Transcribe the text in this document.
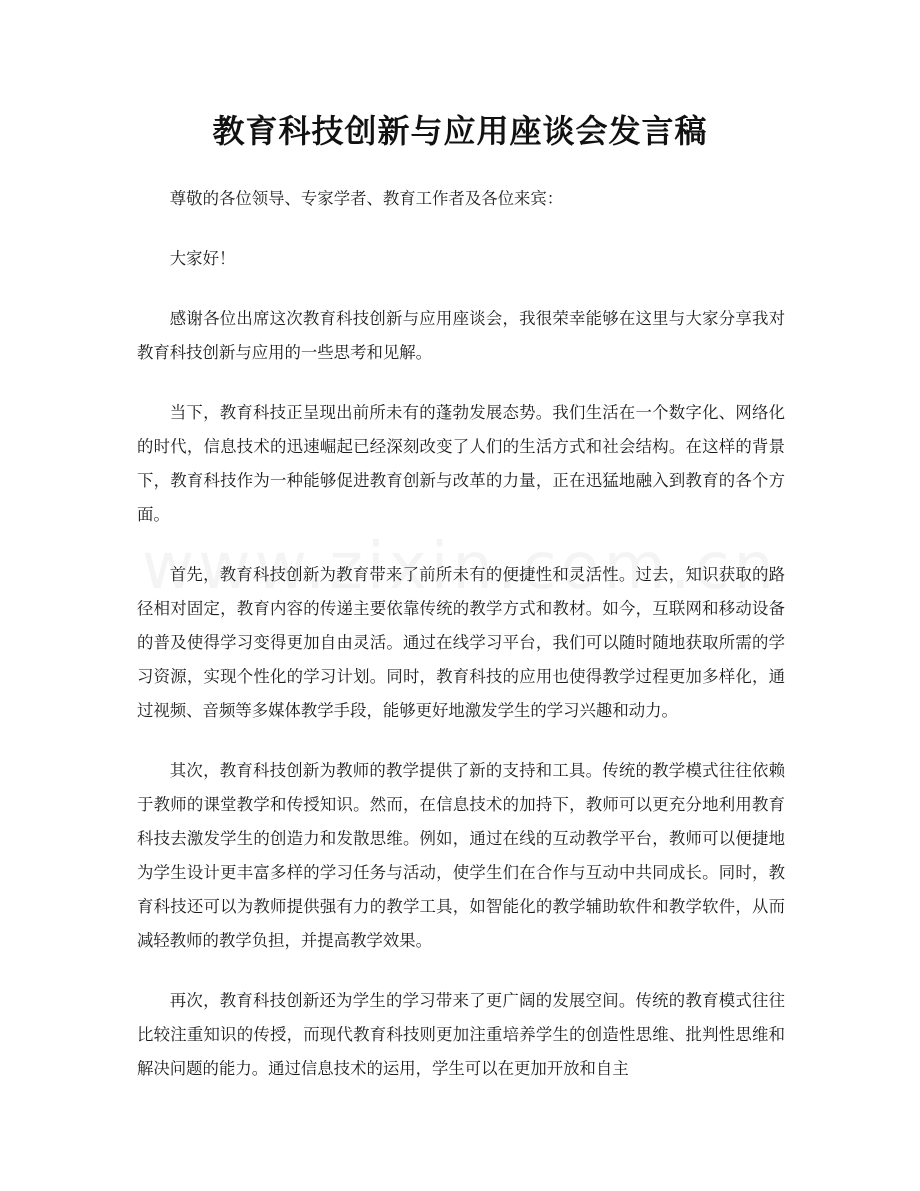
教育科技创新与应用座谈会发言稿

尊敬的各位领导、专家学者、教育工作者及各位来宾：

大家好！

感谢各位出席这次教育科技创新与应用座谈会，我很荣幸能够在这里与大家分享我对教育科技创新与应用的一些思考和见解。

当下，教育科技正呈现出前所未有的蓬勃发展态势。我们生活在一个数字化、网络化的时代，信息技术的迅速崛起已经深刻改变了人们的生活方式和社会结构。在这样的背景下，教育科技作为一种能够促进教育创新与改革的力量，正在迅猛地融入到教育的各个方面。

首先，教育科技创新为教育带来了前所未有的便捷性和灵活性。过去，知识获取的路径相对固定，教育内容的传递主要依靠传统的教学方式和教材。如今，互联网和移动设备的普及使得学习变得更加自由灵活。通过在线学习平台，我们可以随时随地获取所需的学习资源，实现个性化的学习计划。同时，教育科技的应用也使得教学过程更加多样化，通过视频、音频等多媒体教学手段，能够更好地激发学生的学习兴趣和动力。

其次，教育科技创新为教师的教学提供了新的支持和工具。传统的教学模式往往依赖于教师的课堂教学和传授知识。然而，在信息技术的加持下，教师可以更充分地利用教育科技去激发学生的创造力和发散思维。例如，通过在线的互动教学平台，教师可以便捷地为学生设计更丰富多样的学习任务与活动，使学生们在合作与互动中共同成长。同时，教育科技还可以为教师提供强有力的教学工具，如智能化的教学辅助软件和教学软件，从而减轻教师的教学负担，并提高教学效果。

再次，教育科技创新还为学生的学习带来了更广阔的发展空间。传统的教育模式往往比较注重知识的传授，而现代教育科技则更加注重培养学生的创造性思维、批判性思维和解决问题的能力。通过信息技术的运用，学生可以在更加开放和自主
